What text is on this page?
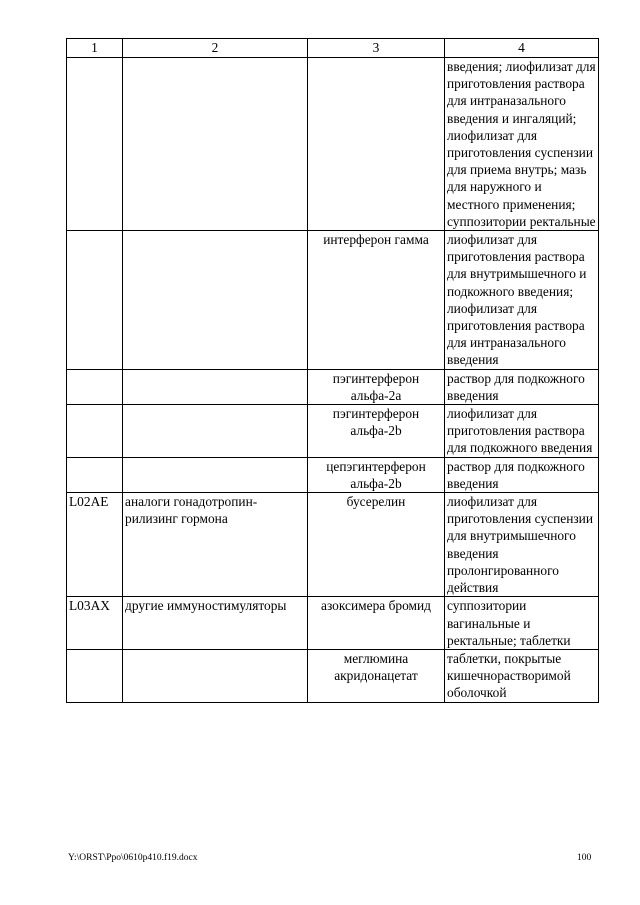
1	2	3	4
			введения; лиофилизат для приготовления раствора для интраназального введения и ингаляций; лиофилизат для приготовления суспензии для приема внутрь; мазь для наружного и местного применения; суппозитории ректальные
		интерферон гамма	лиофилизат для приготовления раствора для внутримышечного и подкожного введения; лиофилизат для приготовления раствора для интраназального введения
		пэгинтерферон альфа-2a	раствор для подкожного введения
		пэгинтерферон альфа-2b	лиофилизат для приготовления раствора для подкожного введения
		цепэгинтерферон альфа-2b	раствор для подкожного введения
L02AE	аналоги гонадотропин-рилизинг гормона	бусерелин	лиофилизат для приготовления суспензии для внутримышечного введения пролонгированного действия
L03AX	другие иммуностимуляторы	азоксимера бромид	суппозитории вагинальные и ректальные; таблетки
		меглюмина акридонацетат	таблетки, покрытые кишечнорастворимой оболочкой
Y:\ORST\Ppo\0610p410.f19.docx	100
